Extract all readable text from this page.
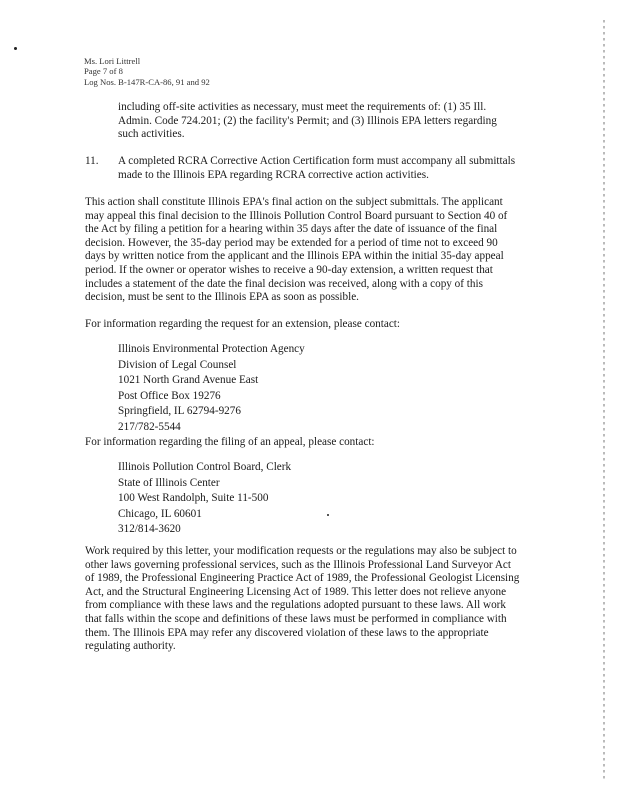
Ms. Lori Littrell
Page 7 of 8
Log Nos. B-147R-CA-86, 91 and 92
including off-site activities as necessary, must meet the requirements of: (1) 35 Ill.
Admin. Code 724.201; (2) the facility's Permit; and (3) Illinois EPA letters regarding
such activities.
11. A completed RCRA Corrective Action Certification form must accompany all submittals
made to the Illinois EPA regarding RCRA corrective action activities.
This action shall constitute Illinois EPA's final action on the subject submittals. The applicant
may appeal this final decision to the Illinois Pollution Control Board pursuant to Section 40 of
the Act by filing a petition for a hearing within 35 days after the date of issuance of the final
decision. However, the 35-day period may be extended for a period of time not to exceed 90
days by written notice from the applicant and the Illinois EPA within the initial 35-day appeal
period. If the owner or operator wishes to receive a 90-day extension, a written request that
includes a statement of the date the final decision was received, along with a copy of this
decision, must be sent to the Illinois EPA as soon as possible.
For information regarding the request for an extension, please contact:
Illinois Environmental Protection Agency
Division of Legal Counsel
1021 North Grand Avenue East
Post Office Box 19276
Springfield, IL 62794-9276
217/782-5544
For information regarding the filing of an appeal, please contact:
Illinois Pollution Control Board, Clerk
State of Illinois Center
100 West Randolph, Suite 11-500
Chicago, IL 60601
312/814-3620
Work required by this letter, your modification requests or the regulations may also be subject to
other laws governing professional services, such as the Illinois Professional Land Surveyor Act
of 1989, the Professional Engineering Practice Act of 1989, the Professional Geologist Licensing
Act, and the Structural Engineering Licensing Act of 1989. This letter does not relieve anyone
from compliance with these laws and the regulations adopted pursuant to these laws. All work
that falls within the scope and definitions of these laws must be performed in compliance with
them. The Illinois EPA may refer any discovered violation of these laws to the appropriate
regulating authority.
